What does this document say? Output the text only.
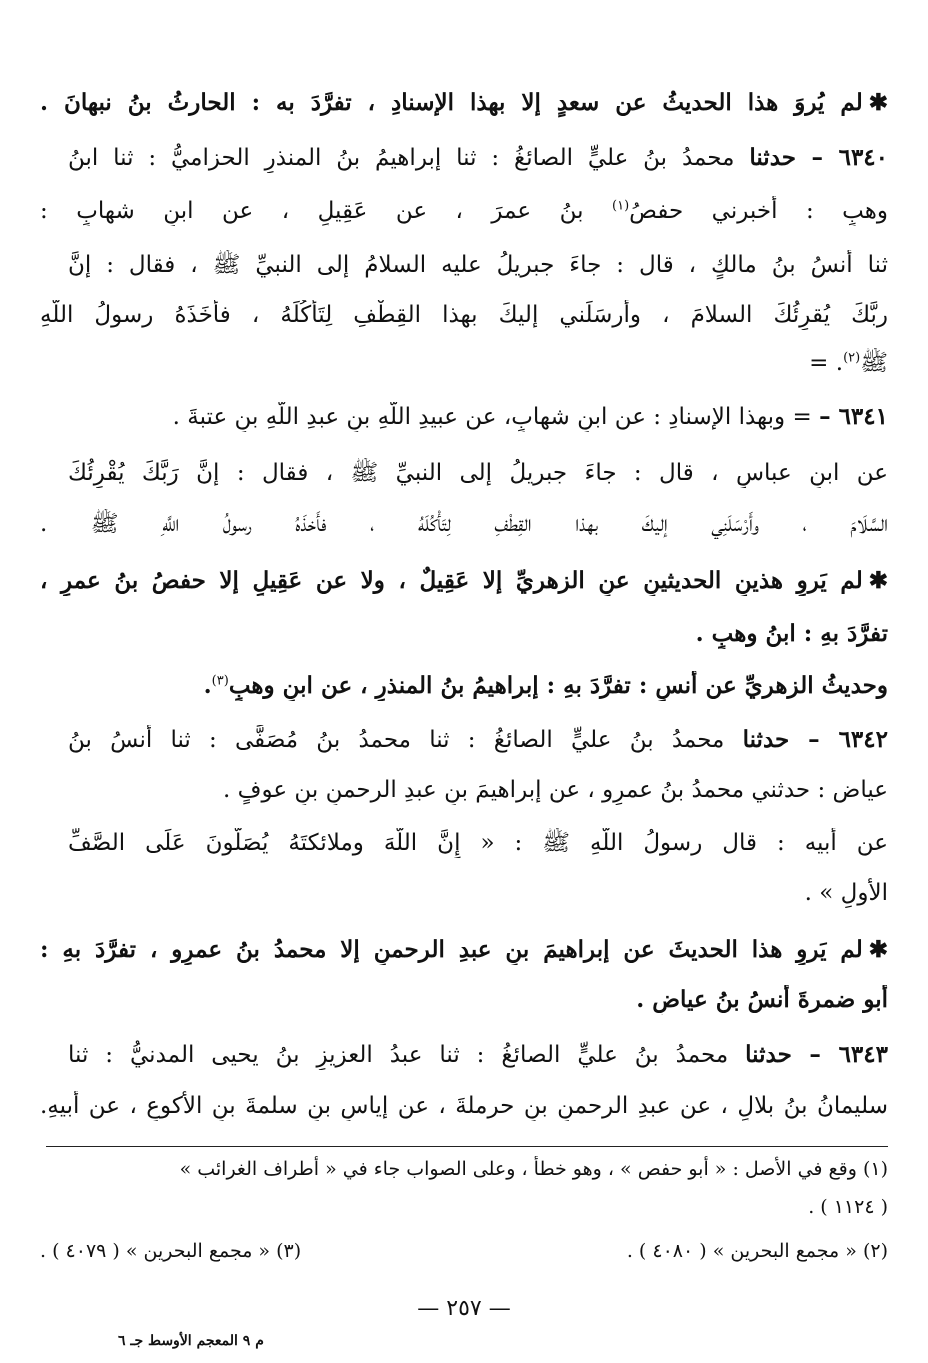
✱لم يُروَ هذا الحديثُ عن سعدٍ إلا بهذا الإسنادِ ، تفرَّدَ به : الحارثُ بنُ نبهانَ .
٦٣٤٠ – حدثنا محمدُ بنُ عليٍّ الصائغُ : ثنا إبراهيمُ بنُ المنذرِ الحزاميُّ : ثنا ابنُ
وهبٍ : أخبرني حفصُ$^{(١)}$ بنُ عمرَ ، عن عَقِيلٍ ، عن ابنِ شهابٍ :
ثنا أنسُ بنُ مالكٍ ، قال : جاءَ جبريلُ عليه السلامُ إلى النبيِّ ﷺ ، فقال : إنَّ
ربَّكَ يُقرِئُكَ السلامَ ، وأَرسَلَني إليكَ بهذا القِطْفِ لِتَأكُلَهُ ، فأَخَذَهُ رسولُ اللَّهِ
ﷺ$^{(٢)}$. =
٦٣٤١ – = وبهذا الإسنادِ : عن ابنِ شهابٍ، عن عبيدِ اللَّهِ بنِ عبدِ اللَّهِ بنِ عتبةَ .
عن ابنِ عباسٍ ، قال : جاءَ جبريلُ إلى النبيِّ ﷺ ، فقال : إنَّ رَبَّكَ يُقْرِئُكَ
السَّلَامَ ، وأَرْسَلَنِي إليكَ بهذا القِطْفِ لِتَأْكُلَهُ ، فأَخذَهُ رسولُ اللَّهِ ﷺ .
✱لم يَروِ هذينِ الحديثينِ عنِ الزهريِّ إلا عَقِيلٌ ، ولا عن عَقِيلٍ إلا حفصُ بنُ عمرٍ ،
تفرَّدَ بهِ : ابنُ وهبٍ .
وحديثُ الزهريِّ عن أنسٍ : تفرَّدَ بهِ : إبراهيمُ بنُ المنذرِ ، عن ابنِ وهبٍ$^{(٣)}$.
٦٣٤٢ – حدثنا محمدُ بنُ عليٍّ الصائغُ : ثنا محمدُ بنُ مُصَفَّى : ثنا أنسُ بنُ
عياضٍ : حدثني محمدُ بنُ عمرٍو ، عن إبراهيمَ بنِ عبدِ الرحمنِ بنِ عوفٍ .
عن أبيه : قال رسولُ اللَّهِ ﷺ : « إِنَّ اللَّهَ وملائكتَهُ يُصَلُّونَ عَلَى الصَّفِّ
الأولِ » .
✱لم يَروِ هذا الحديثَ عن إبراهيمَ بنِ عبدِ الرحمنِ إلا محمدُ بنُ عمرٍو ، تفرَّدَ بهِ :
أبو ضمرةَ أنسُ بنُ عياضٍ .
٦٣٤٣ – حدثنا محمدُ بنُ عليٍّ الصائغُ : ثنا عبدُ العزيزِ بنُ يحيى المدنيُّ : ثنا
سليمانُ بنُ بلالٍ ، عن عبدِ الرحمنِ بنِ حرملةَ ، عن إياسِ بنِ سلمةَ بنِ الأكوعِ ، عن أبيهِ.
(١) وقع في الأصل : « أبو حفص » ، وهو خطأ ، وعلى الصواب جاء في « أطراف الغرائب »
( ١١٢٤ ) .
(٢) « مجمع البحرين » ( ٤٠٨٠ ) .
(٣) « مجمع البحرين » ( ٤٠٧٩ ) .
— ٢٥٧ —
م ٩ المعجم الأوسط جـ ٦
